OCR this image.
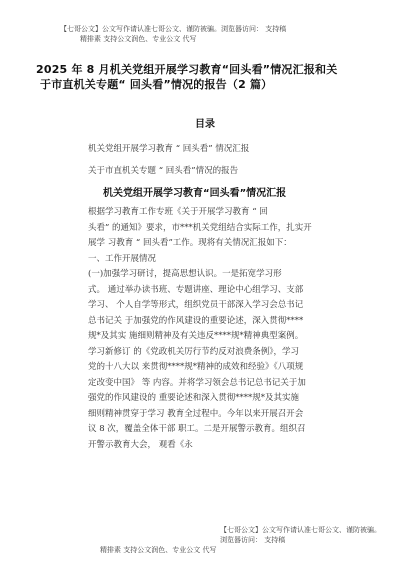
【七哥公文】公文写作请认准七哥公文、谨防被骗。浏览器访问： 支持稿
精排素 支持公文润色、专业公文 代写
2025 年 8 月机关党组开展学习教育“回头看”情况汇报和关
于市直机关专题“ 回头看”情况的报告（2 篇）
目录
机关党组开展学习教育 “ 回头看” 情况汇报
关于市直机关专题 “ 回头看”情况的报告
机关党组开展学习教育“回头看”情况汇报
根据学习教育工作专班《关于开展学习教育 “ 回
头看” 的通知》要求，市***机关党组结合实际工作，扎实开
展学 习教育 “ 回头看”工作。现将有关情况汇报如下：
一、工作开展情况
(一)加强学习研讨，提高思想认识。一是拓宽学习形
式。 通过举办读书班、专题讲座、理论中心组学习、支部
学习、 个人自学等形式，组织党员干部深入学习会总书记
总书记关 于加强党的作风建设的重要论述，深入贯彻****
规*及其实 施细则精神及有关违反****规*精神典型案例。
学习新修订 的《党政机关厉行节约反对浪费条例》，学习
党的十八大以 来贯彻****规*精神的成效和经验》《八项规
定改变中国》 等 内容。并将学习领会总书记总书记关于加
强党的作风建设的 重要论述和深入贯彻****规*及其实施
细则精神贯穿于学习 教育全过程中。今年以来开展召开会
议 8 次，覆盖全体干部 职工。二是开展警示教育。组织召
开警示教育大会， 观看《永
【七哥公文】公文写作请认准七哥公文、谨防被骗。
浏览器访问： 支持稿
精排素 支持公文润色、专业公文 代写
